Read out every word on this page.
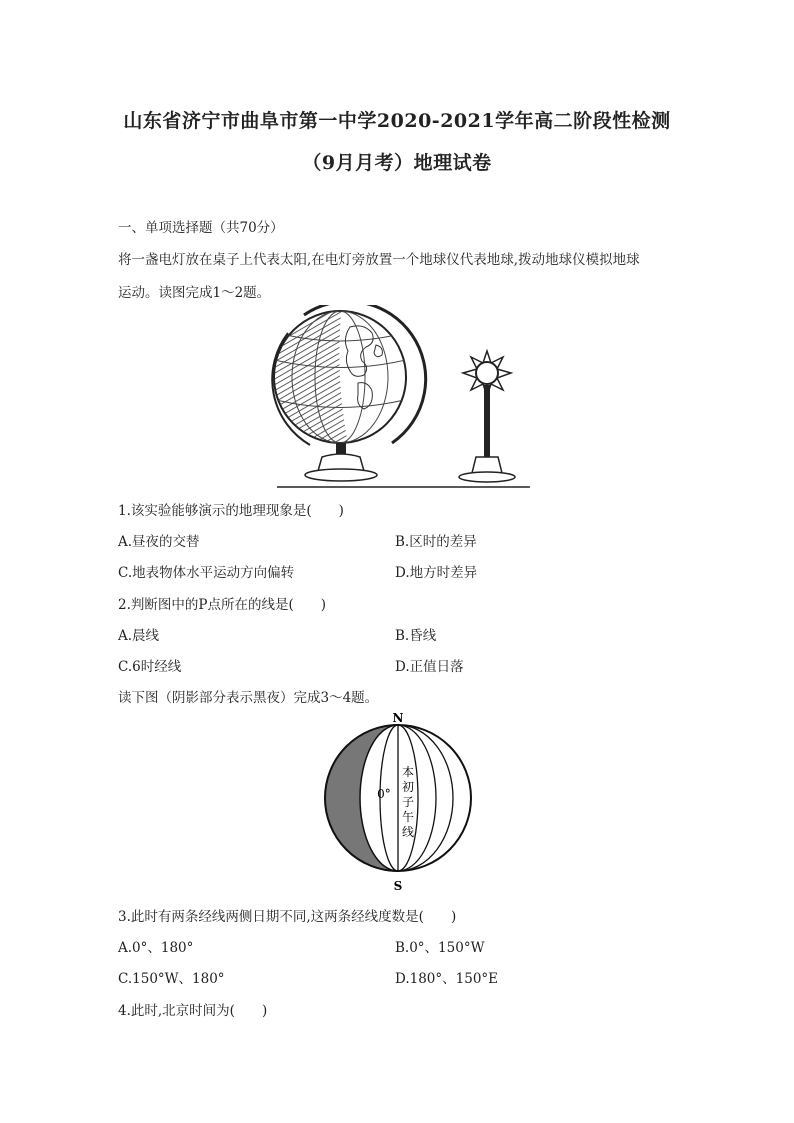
山东省济宁市曲阜市第一中学2020-2021学年高二阶段性检测
（9月月考）地理试卷
一、单项选择题（共70分）
将一盏电灯放在桌子上代表太阳,在电灯旁放置一个地球仪代表地球,拨动地球仪模拟地球
运动。读图完成1～2题。
1.该实验能够演示的地理现象是(　　)
A.昼夜的交替	B.区时的差异
C.地表物体水平运动方向偏转	D.地方时差异
2.判断图中的P点所在的线是(　　)
A.晨线	B.昏线
C.6时经线	D.正值日落
读下图（阴影部分表示黑夜）完成3～4题。
N
S
0°
本
初
子
午
线
3.此时有两条经线两侧日期不同,这两条经线度数是(　　)
A.0°、180°	B.0°、150°W
C.150°W、180°	D.180°、150°E
4.此时,北京时间为(　　)
